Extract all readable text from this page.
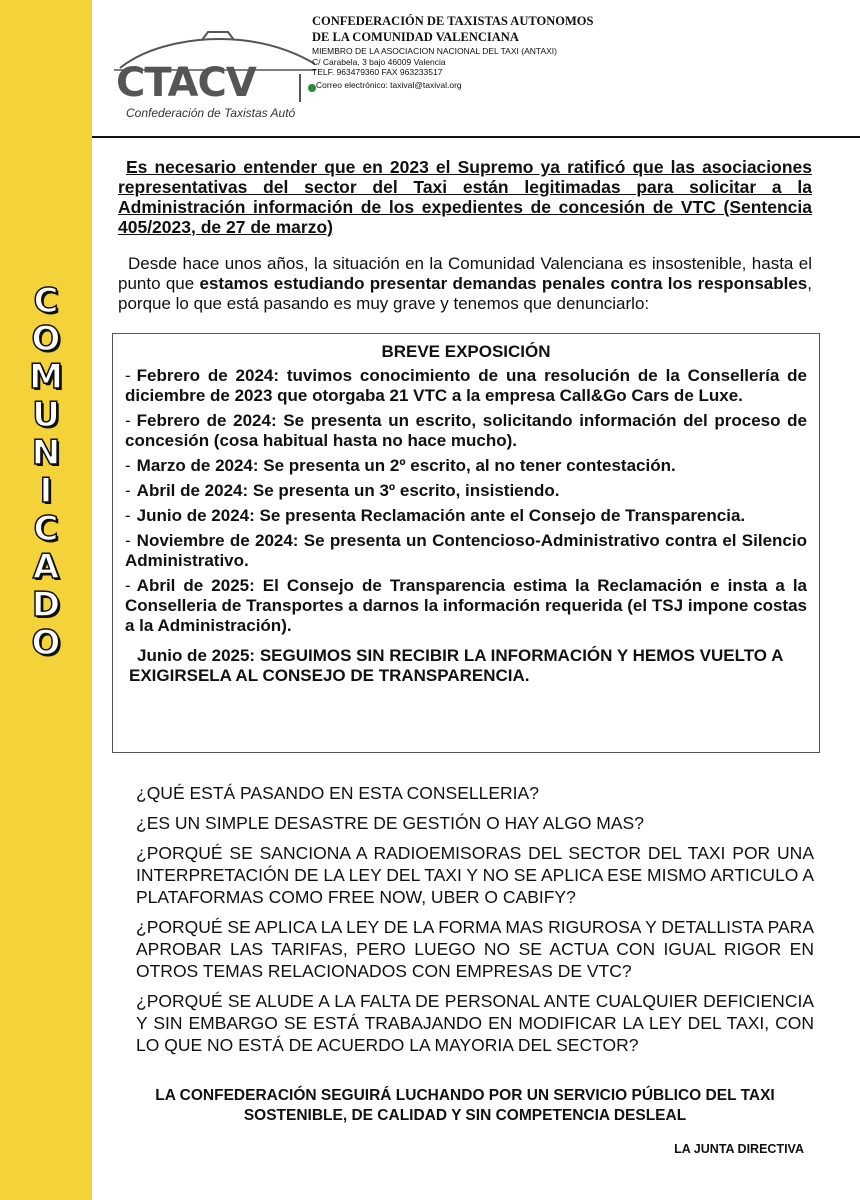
C
O
M
U
N
I
C
A
D
O
CTACV
Confederación de Taxistas Autó

CONFEDERACIÓN DE TAXISTAS AUTONOMOS

DE LA COMUNIDAD VALENCIANA

MIEMBRO DE LA ASOCIACION NACIONAL DEL TAXI (ANTAXI)

C/ Carabela, 3 bajo 46009 Valencia

TELF. 963479360 FAX 963233517

Correo electrónico: taxival@taxival.org

Es necesario entender que en 2023 el Supremo ya ratificó que las asociaciones representativas del sector del Taxi están legitimadas para solicitar a la Administración información de los expedientes de concesión de VTC (Sentencia 405/2023, de 27 de marzo)
Desde hace unos años, la situación en la Comunidad Valenciana es insostenible, hasta el punto que estamos estudiando presentar demandas penales contra los responsables, porque lo que está pasando es muy grave y tenemos que denunciarlo:
BREVE EXPOSICIÓN
- Febrero de 2024: tuvimos conocimiento de una resolución de la Consellería de diciembre de 2023 que otorgaba 21 VTC a la empresa Call&Go Cars de Luxe.
- Febrero de 2024: Se presenta un escrito, solicitando información del proceso de concesión (cosa habitual hasta no hace mucho).
- Marzo de 2024: Se presenta un 2º escrito, al no tener contestación.
- Abril de 2024: Se presenta un 3º escrito, insistiendo.
- Junio de 2024: Se presenta Reclamación ante el Consejo de Transparencia.
- Noviembre de 2024: Se presenta un Contencioso-Administrativo contra el Silencio Administrativo.
- Abril de 2025: El Consejo de Transparencia estima la Reclamación e insta a la Conselleria de Transportes a darnos la información requerida (el TSJ impone costas a la Administración).
Junio de 2025: SEGUIMOS SIN RECIBIR LA INFORMACIÓN Y HEMOS VUELTO A EXIGIRSELA AL CONSEJO DE TRANSPARENCIA.

¿QUÉ ESTÁ PASANDO EN ESTA CONSELLERIA?

¿ES UN SIMPLE DESASTRE DE GESTIÓN O HAY ALGO MAS?

¿PORQUÉ SE SANCIONA A RADIOEMISORAS DEL SECTOR DEL TAXI POR UNA INTERPRETACIÓN DE LA LEY DEL TAXI Y NO SE APLICA ESE MISMO ARTICULO A PLATAFORMAS COMO FREE NOW, UBER O CABIFY?

¿PORQUÉ SE APLICA LA LEY DE LA FORMA MAS RIGUROSA Y DETALLISTA PARA APROBAR LAS TARIFAS, PERO LUEGO NO SE ACTUA CON IGUAL RIGOR EN OTROS TEMAS RELACIONADOS CON EMPRESAS DE VTC?

¿PORQUÉ SE ALUDE A LA FALTA DE PERSONAL ANTE CUALQUIER DEFICIENCIA Y SIN EMBARGO SE ESTÁ TRABAJANDO EN MODIFICAR LA LEY DEL TAXI, CON LO QUE NO ESTÁ DE ACUERDO LA MAYORIA DEL SECTOR?

LA CONFEDERACIÓN SEGUIRÁ LUCHANDO POR UN SERVICIO PÚBLICO DEL TAXI SOSTENIBLE, DE CALIDAD Y SIN COMPETENCIA DESLEAL
LA JUNTA DIRECTIVA
